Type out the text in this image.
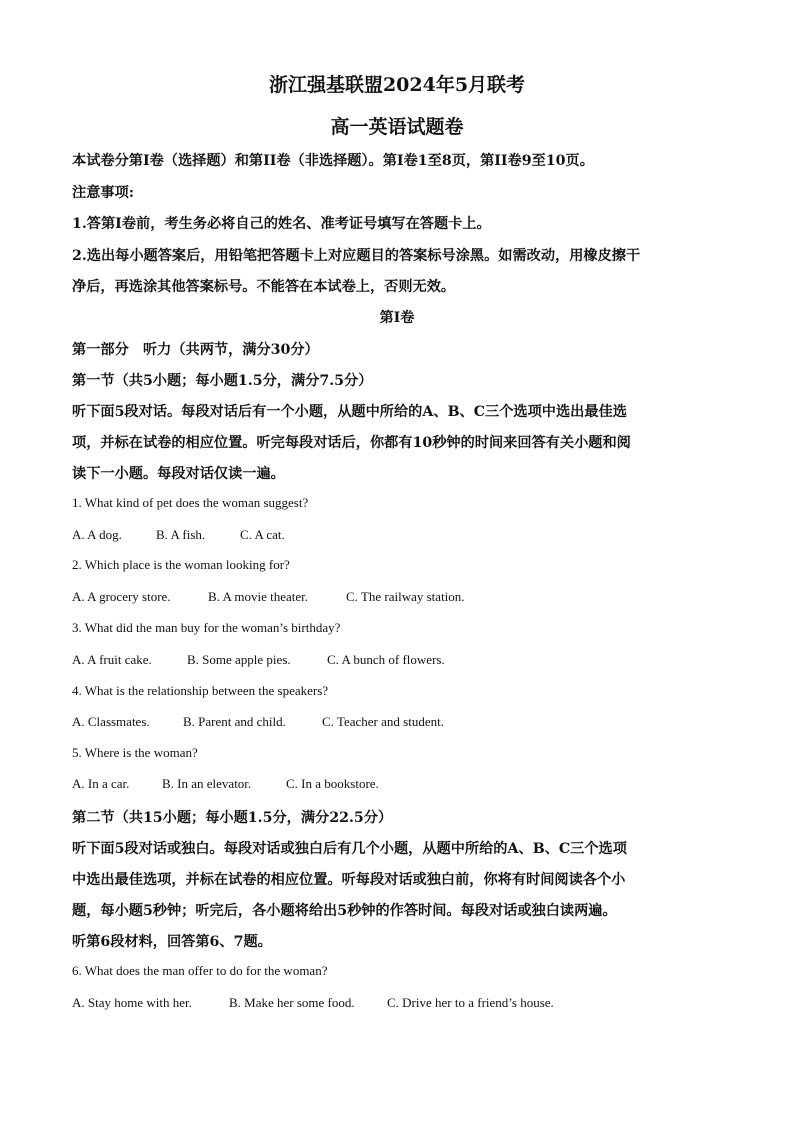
浙江强基联盟2024年5月联考
高一英语试题卷
本试卷分第I卷（选择题）和第II卷（非选择题）。第I卷1至8页，第II卷9至10页。
注意事项:
1.答第I卷前，考生务必将自己的姓名、准考证号填写在答题卡上。
2.选出每小题答案后，用铅笔把答题卡上对应题目的答案标号涂黑。如需改动，用橡皮擦干
净后，再选涂其他答案标号。不能答在本试卷上，否则无效。
第I卷
第一部分　听力（共两节，满分30分）
第一节（共5小题；每小题1.5分，满分7.5分）
听下面5段对话。每段对话后有一个小题，从题中所给的A、B、C三个选项中选出最佳选
项，并标在试卷的相应位置。听完每段对话后，你都有10秒钟的时间来回答有关小题和阅
读下一小题。每段对话仅读一遍。
1. What kind of pet does the woman suggest?
A. A dog.	B. A fish.	C. A cat.
2. Which place is the woman looking for?
A. A grocery store.	B. A movie theater.	C. The railway station.
3. What did the man buy for the woman’s birthday?
A. A fruit cake.	B. Some apple pies.	C. A bunch of flowers.
4. What is the relationship between the speakers?
A. Classmates.	B. Parent and child.	C. Teacher and student.
5. Where is the woman?
A. In a car.	B. In an elevator.	C. In a bookstore.
第二节（共15小题；每小题1.5分，满分22.5分）
听下面5段对话或独白。每段对话或独白后有几个小题，从题中所给的A、B、C三个选项
中选出最佳选项，并标在试卷的相应位置。听每段对话或独白前，你将有时间阅读各个小
题，每小题5秒钟；听完后，各小题将给出5秒钟的作答时间。每段对话或独白读两遍。
听第6段材料，回答第6、7题。
6. What does the man offer to do for the woman?
A. Stay home with her.	B. Make her some food. C. Drive her to a friend’s house.
